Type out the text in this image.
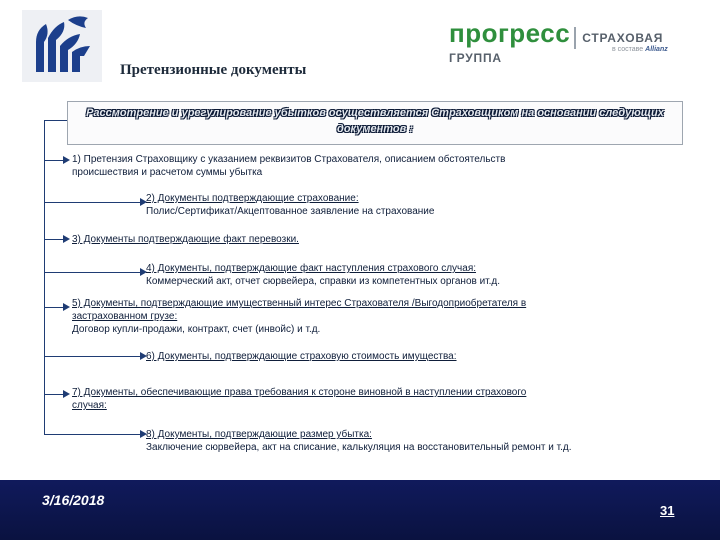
прогресс СТРАХОВАЯ ГРУППА
в составе Allianz
Претензионные документы
Рассмотрение и урегулирование убытков осуществляется Страховщиком на основании следующих документов :
1) Претензия Страховщику с указанием реквизитов Страхователя, описанием обстоятельств происшествия и расчетом суммы убытка
2) Документы подтверждающие страхование:
Полис/Сертификат/Акцептованное заявление на страхование
3) Документы подтверждающие факт перевозки.
4) Документы, подтверждающие факт наступления страхового случая:
Коммерческий акт, отчет сюрвейера, справки из компетентных органов ит.д.
5) Документы, подтверждающие имущественный интерес Страхователя /Выгодоприобретателя в застрахованном грузе:
Договор купли-продажи, контракт, счет (инвойс) и т.д.
6) Документы, подтверждающие страховую стоимость имущества:
7) Документы, обеспечивающие права требования к стороне виновной в наступлении страхового случая:
8) Документы, подтверждающие размер убытка:
Заключение сюрвейера, акт на списание, калькуляция на восстановительный ремонт и т.д.
3/16/2018
31
